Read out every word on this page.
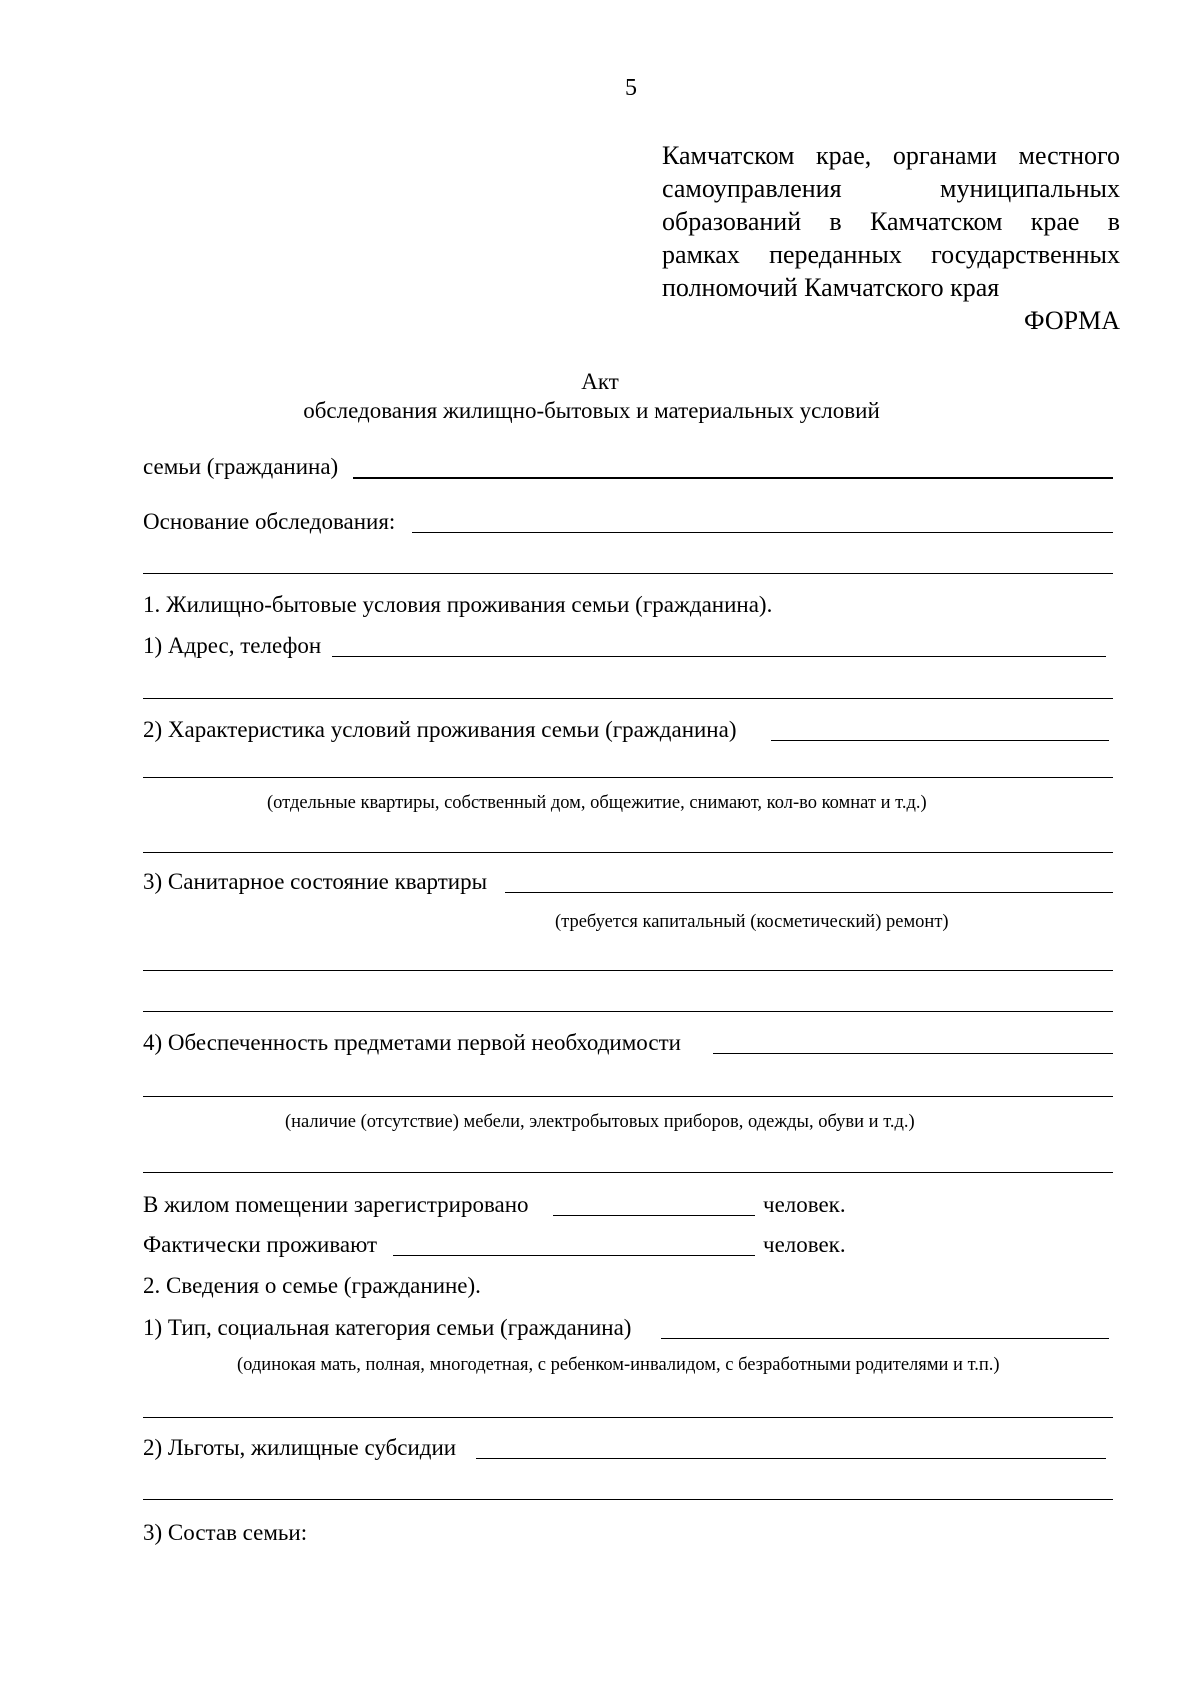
5
Камчатском крае, органами местного
самоуправления муниципальных
образований в Камчатском крае в
рамках переданных государственных
полномочий Камчатского края
ФОРМА
Акт
обследования жилищно-бытовых и материальных условий
семьи (гражданина)
Основание обследования:
1. Жилищно-бытовые условия проживания семьи (гражданина).
1) Адрес, телефон
2) Характеристика условий проживания семьи (гражданина)
(отдельные квартиры, собственный дом, общежитие, снимают, кол-во комнат и т.д.)
3) Санитарное состояние квартиры
(требуется капитальный (косметический) ремонт)
4) Обеспеченность предметами первой необходимости
(наличие (отсутствие) мебели, электробытовых приборов, одежды, обуви и т.д.)
В жилом помещении зарегистрировано	человек.
Фактически проживают	человек.
2. Сведения о семье (гражданине).
1) Тип, социальная категория семьи (гражданина)
(одинокая мать, полная, многодетная, с ребенком-инвалидом, с безработными родителями и т.п.)
2) Льготы, жилищные субсидии
3) Состав семьи:
